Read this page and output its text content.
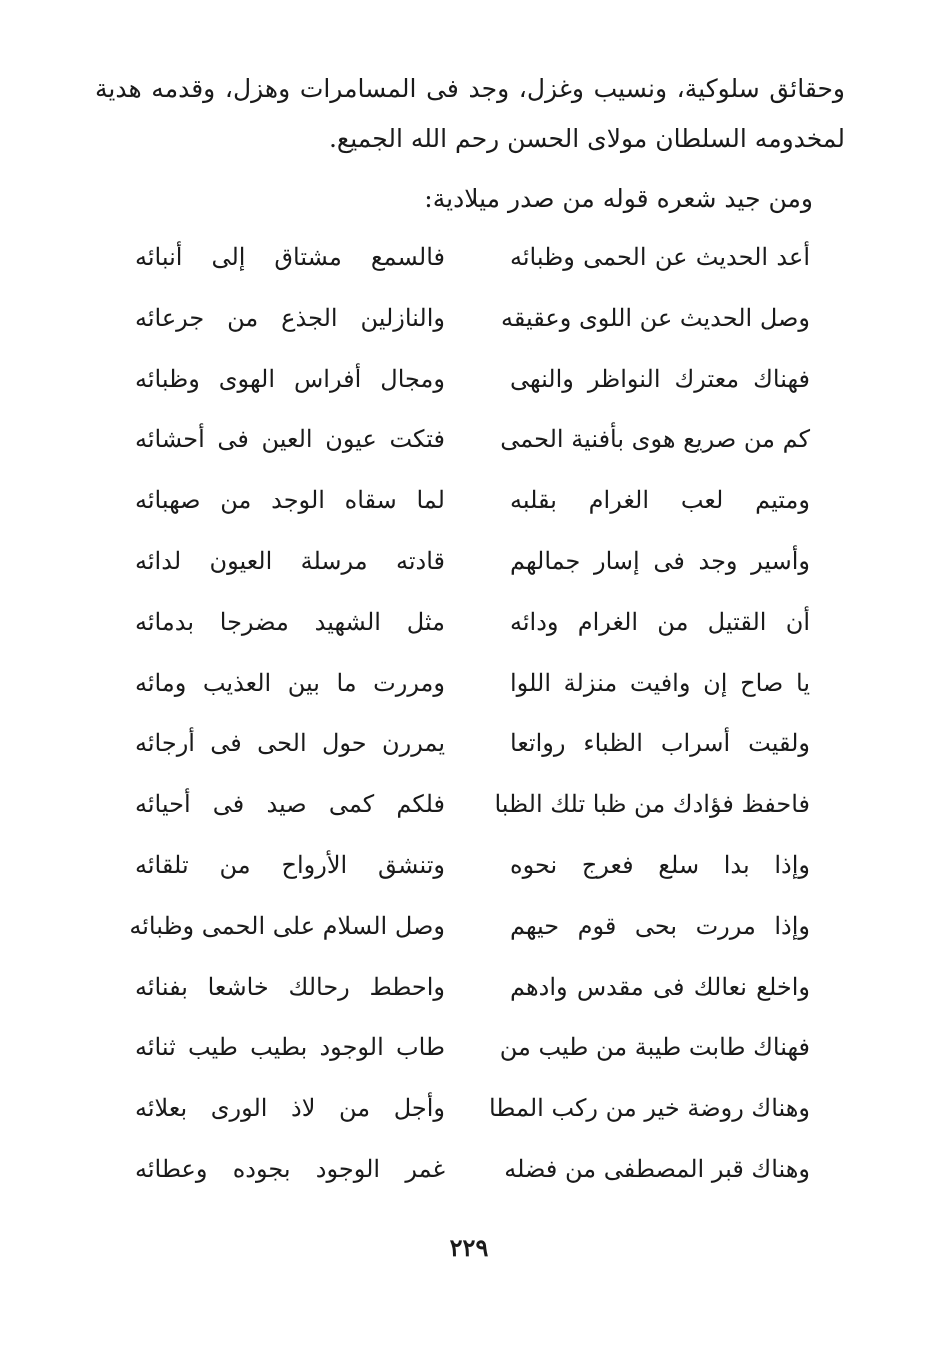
وحقائق سلوكية، ونسيب وغزل، وجد فى المسامرات وهزل، وقدمه هدية لمخدومه السلطان مولاى الحسن رحم الله الجميع.

ومن جيد شعره قوله من صدر ميلادية:
أعد الحديث عن الحمى وظبائه
فالسمع مشتاق إلى أنبائه
وصل الحديث عن اللوى وعقيقه
والنازلين الجذع من جرعائه
فهناك معترك النواظر والنهى
ومجال أفراس الهوى وظبائه
كم من صريع هوى بأفنية الحمى
فتكت عيون العين فى أحشائه
ومتيم لعب الغرام بقلبه
لما سقاه الوجد من صهبائه
وأسير وجد فى إسار جمالهم
قادته مرسلة العيون لدائه
أن القتيل من الغرام ودائه
مثل الشهيد مضرجا بدمائه
يا صاح إن وافيت منزلة اللوا
ومررت ما بين العذيب ومائه
ولقيت أسراب الظباء رواتعا
يمررن حول الحى فى أرجائه
فاحفظ فؤادك من ظبا تلك الظبا
فلكم كمى صيد فى أحيائه
وإذا بدا سلع فعرج نحوه
وتنشق الأرواح من تلقائه
وإذا مررت بحى قوم حيهم
وصل السلام على الحمى وظبائه
واخلع نعالك فى مقدس وادهم
واحطط رحالك خاشعا بفنائه
فهناك طابت طيبة من طيب من
طاب الوجود بطيب طيب ثنائه
وهناك روضة خير من ركب المطا
وأجل من لاذ الورى بعلائه
وهناك قبر المصطفى من فضله
غمر الوجود بجوده وعطائه
٢٢٩
